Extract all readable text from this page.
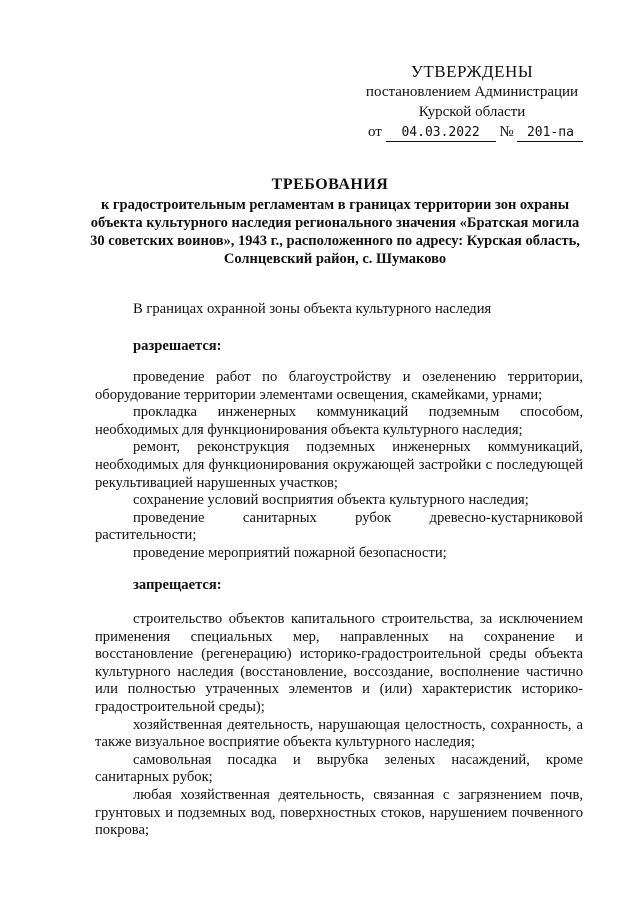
УТВЕРЖДЕНЫ
постановлением Администрации
Курской области
от 04.03.2022 № 201-па
ТРЕБОВАНИЯ
к градостроительным регламентам в границах территории зон охраны объекта культурного наследия регионального значения «Братская могила 30 советских воинов», 1943 г., расположенного по адресу: Курская область, Солнцевский район, с. Шумаково

В границах охранной зоны объекта культурного наследия

разрешается:

проведение работ по благоустройству и озеленению территории, оборудование территории элементами освещения, скамейками, урнами;

прокладка инженерных коммуникаций подземным способом, необходимых для функционирования объекта культурного наследия;

ремонт, реконструкция подземных инженерных коммуникаций, необходимых для функционирования окружающей застройки с последующей рекультивацией нарушенных участков;

сохранение условий восприятия объекта культурного наследия;

проведение санитарных рубок древесно-кустарниковой растительности;

проведение мероприятий пожарной безопасности;

запрещается:

строительство объектов капитального строительства, за исключением применения специальных мер, направленных на сохранение и восстановление (регенерацию) историко-градостроительной среды объекта культурного наследия (восстановление, воссоздание, восполнение частично или полностью утраченных элементов и (или) характеристик историко-градостроительной среды);

хозяйственная деятельность, нарушающая целостность, сохранность, а также визуальное восприятие объекта культурного наследия;

самовольная посадка и вырубка зеленых насаждений, кроме санитарных рубок;

любая хозяйственная деятельность, связанная с загрязнением почв, грунтовых и подземных вод, поверхностных стоков, нарушением почвенного покрова;
